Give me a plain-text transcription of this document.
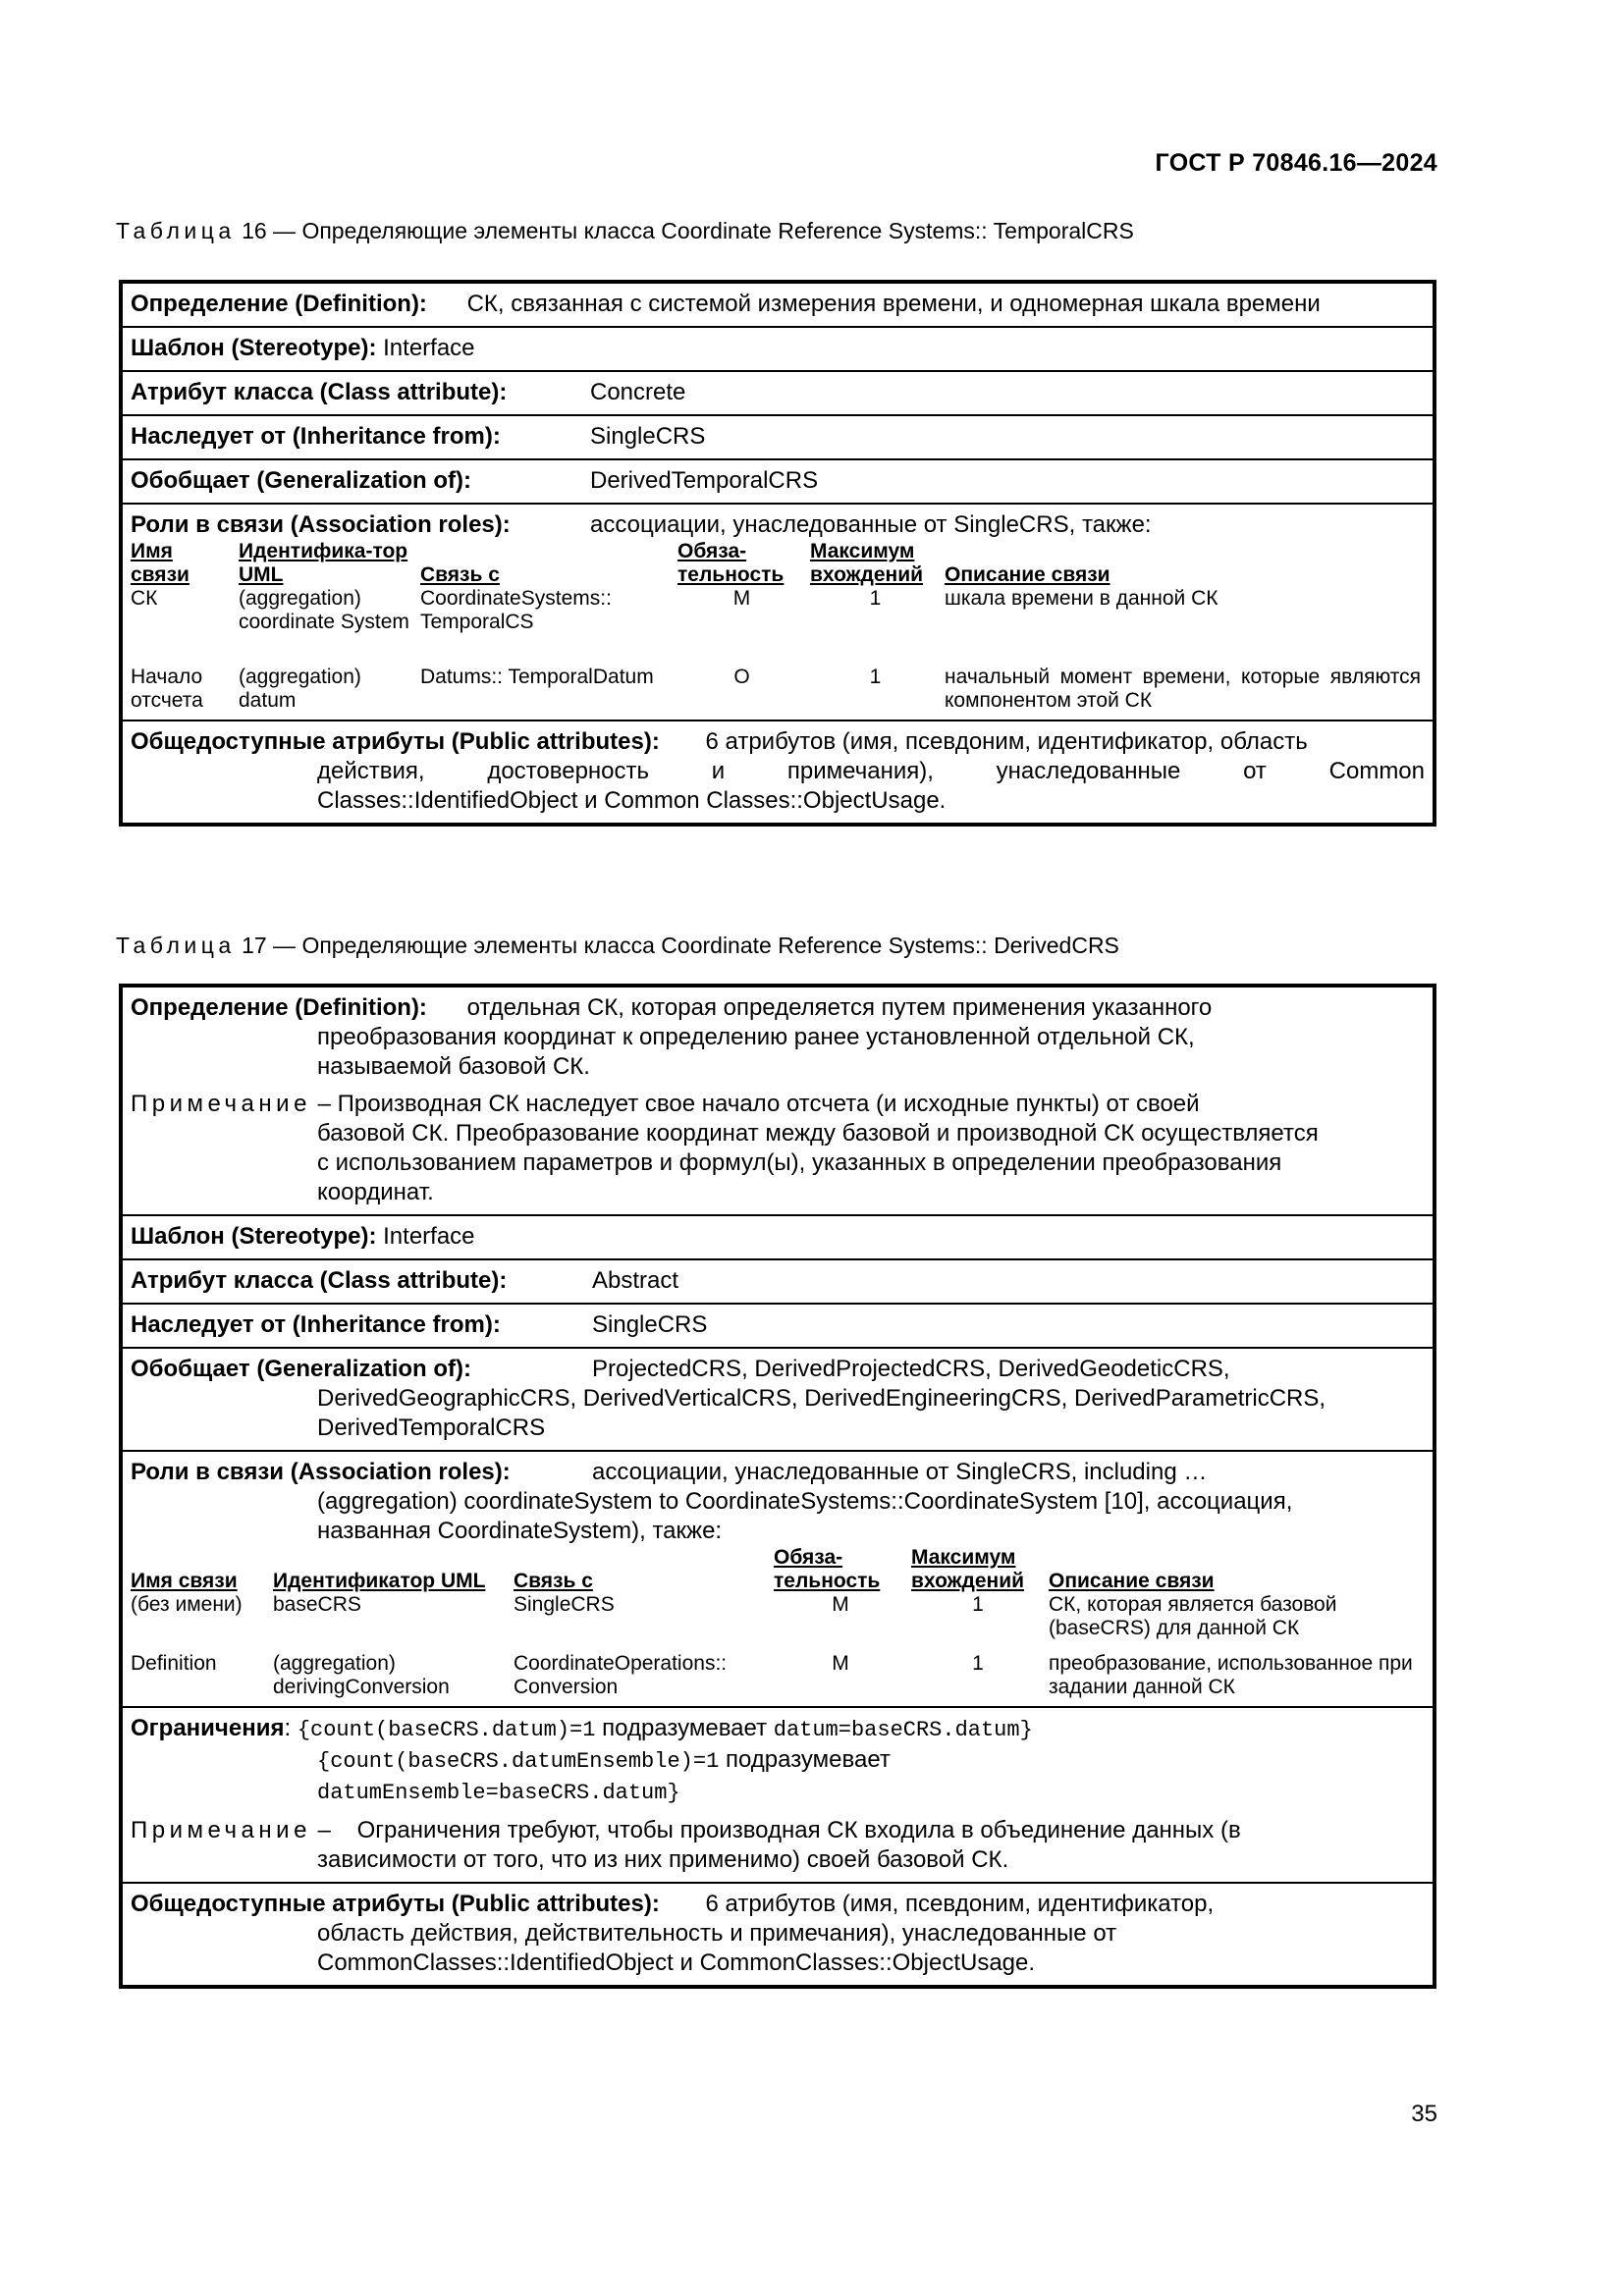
ГОСТ Р 70846.16—2024
Таблица 16 — Определяющие элементы класса Coordinate Reference Systems:: TemporalCRS
Определение (Definition): СК, связанная с системой измерения времени, и одномерная шкала времени
Шаблон (Stereotype): Interface
Атрибут класса (Class attribute):	Concrete
Наследует от (Inheritance from):	SingleCRS
Обобщает (Generalization of):	DerivedTemporalCRS
Роли в связи (Association roles):	ассоциации, унаследованные от SingleCRS, также:
Имя связи	Идентифика-тор UML	Связь с	Обяза-тельность	Максимум вхождений	Описание связи
СК	(aggregation) coordinate System	CoordinateSystems:: TemporalCS	M	1	шкала времени в данной СК
Начало отсчета	(aggregation) datum	Datums:: TemporalDatum	O	1	начальный момент времени, которые являются компонентом этой СК
Общедоступные атрибуты (Public attributes): 6 атрибутов (имя, псевдоним, идентификатор, область
действия, достоверность и примечания), унаследованные от Common
Classes::IdentifiedObject и Common Classes::ObjectUsage.
Таблица 17 — Определяющие элементы класса Coordinate Reference Systems:: DerivedCRS
Определение (Definition): отдельная СК, которая определяется путем применения указанного
преобразования координат к определению ранее установленной отдельной СК,
называемой базовой СК.
Примечание – Производная СК наследует свое начало отсчета (и исходные пункты) от своей
базовой СК. Преобразование координат между базовой и производной СК осуществляется
с использованием параметров и формул(ы), указанных в определении преобразования
координат.
Шаблон (Stereotype): Interface
Атрибут класса (Class attribute):	Abstract
Наследует от (Inheritance from):	SingleCRS
Обобщает (Generalization of):	ProjectedCRS, DerivedProjectedCRS, DerivedGeodeticCRS,
DerivedGeographicCRS, DerivedVerticalCRS, DerivedEngineeringCRS, DerivedParametricCRS,
DerivedTemporalCRS
Роли в связи (Association roles):	ассоциации, унаследованные от SingleCRS, including …
(aggregation) coordinateSystem to CoordinateSystems::CoordinateSystem [10], ассоциация,
названная CoordinateSystem), также:
Имя связи	Идентификатор UML	Связь с	Обяза-тельность	Максимум вхождений	Описание связи
(без имени)	baseCRS	SingleCRS	M	1	СК, которая является базовой (baseCRS) для данной СК
Definition	(aggregation) derivingConversion	CoordinateOperations:: Conversion	M	1	преобразование, использованное при задании данной СК
Ограничения: {count(baseCRS.datum)=1 подразумевает datum=baseCRS.datum}
{count(baseCRS.datumEnsemble)=1 подразумевает
datumEnsemble=baseCRS.datum}
Примечание – Ограничения требуют, чтобы производная СК входила в объединение данных (в
зависимости от того, что из них применимо) своей базовой СК.
Общедоступные атрибуты (Public attributes): 6 атрибутов (имя, псевдоним, идентификатор,
область действия, действительность и примечания), унаследованные от
CommonClasses::IdentifiedObject и CommonClasses::ObjectUsage.
35
